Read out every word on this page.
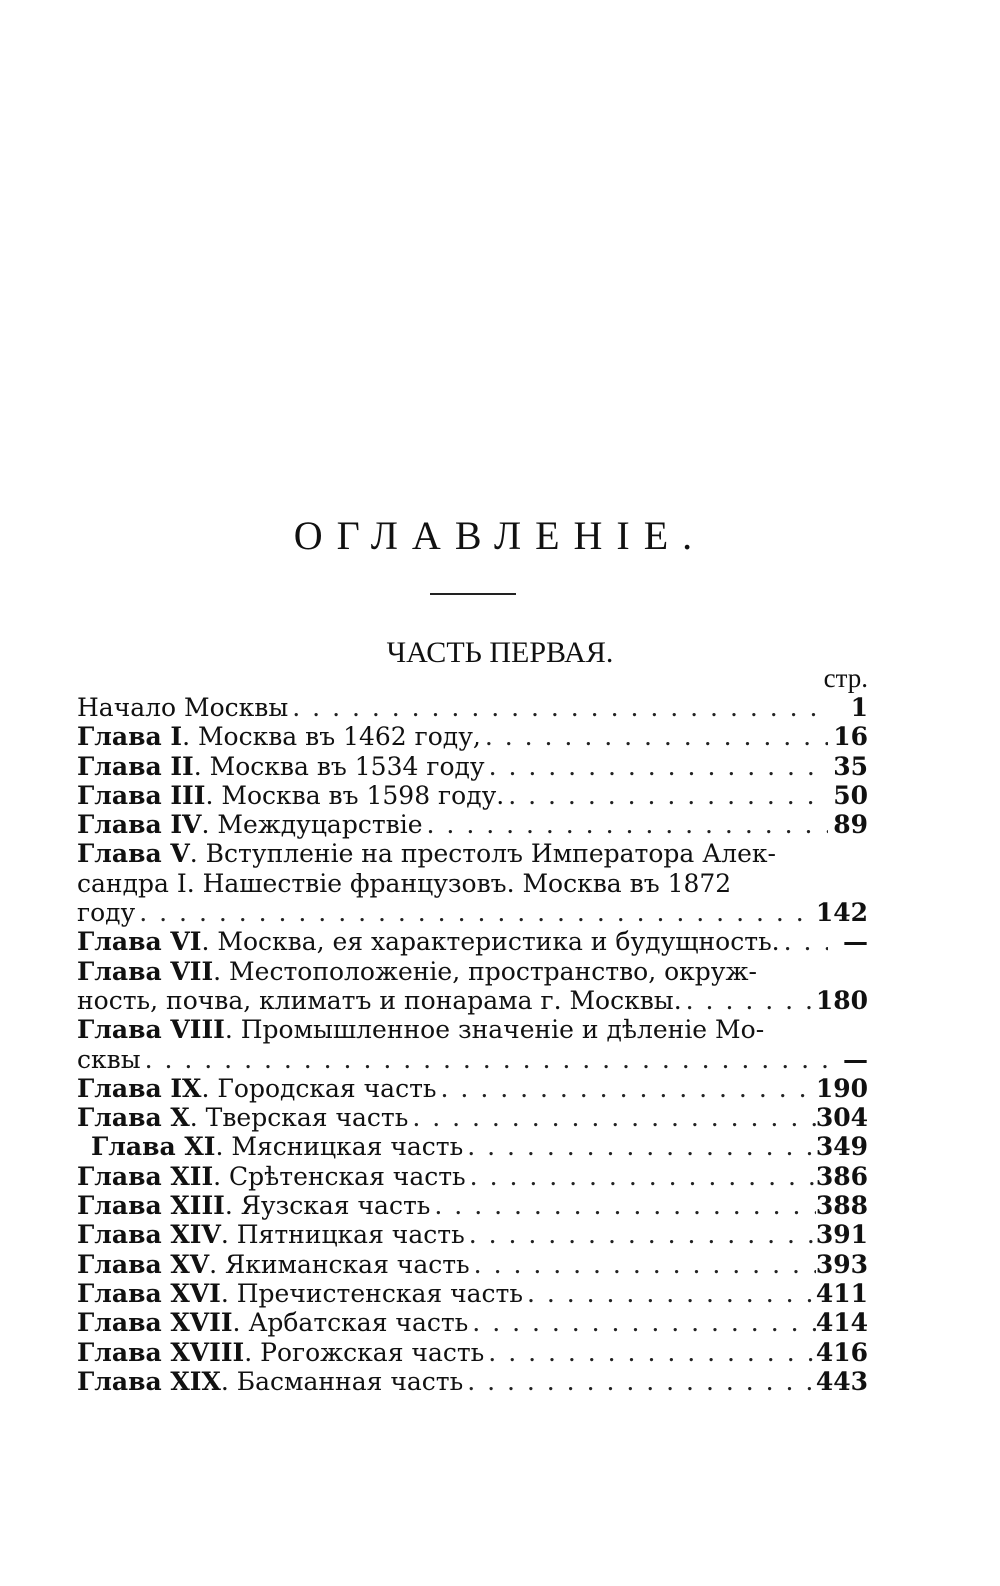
ОГЛАВЛЕНІЕ.
ЧАСТЬ ПЕРВАЯ.
стр.
Начало Москвы . . .	1
Глава I. Москва въ 1462 году, . . .	16
Глава II. Москва въ 1534 году . . .	35
Глава III. Москва въ 1598 году. . . .	50
Глава IV. Междуцарствіе . . .	89
Глава V. Вступленіе на престолъ Императора Алек-
сандра I. Нашествіе французовъ. Москва въ 1872
году . . .	142
Глава VI. Москва, ея характеристика и будущность. . . .	—
Глава VII. Местоположеніе, пространство, окруж-
ность, почва, климатъ и понарама г. Москвы. . . .	180
Глава VIII. Промышленное значеніе и дѣленіе Мо-
сквы . . .	—
Глава IX. Городская часть . . .	190
Глава X. Тверская часть . . .	304
Глава XI. Мясницкая часть . . .	349
Глава XII. Срѣтенская часть . . .	386
Глава XIII. Яузская часть . . .	388
Глава XIV. Пятницкая часть . . .	391
Глава XV. Якиманская часть . . .	393
Глава XVI. Пречистенская часть . . .	411
Глава XVII. Арбатская часть . . .	414
Глава XVIII. Рогожская часть . . .	416
Глава XIX. Басманная часть . . .	443
